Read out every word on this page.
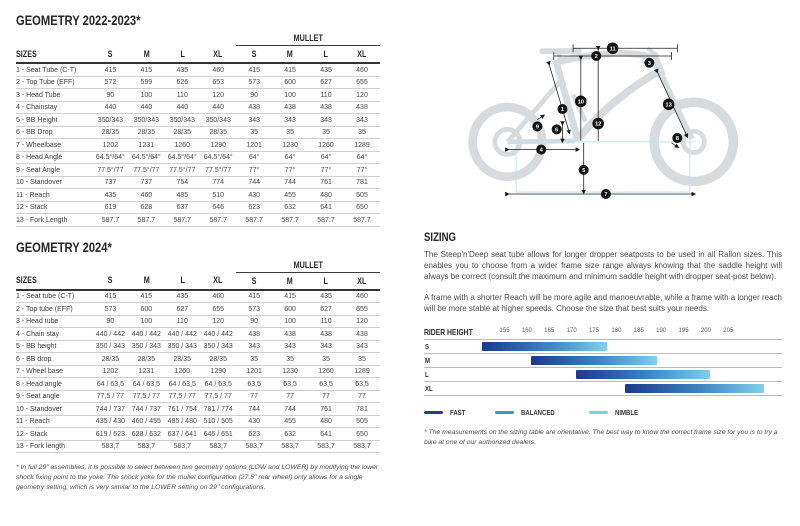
GEOMETRY 2022-2023*
					MULLET			
SIZES	S	M	L	XL	S	M	L	XL
1 - Seat Tube (C-T)	415	415	435	460	415	415	435	460
2 - Top Tube (EFF)	572	599	626	653	573	600	627	655
3 - Head Tube	90	100	110	120	90	100	110	120
4 - Chainstay	440	440	440	440	438	438	438	438
5 - BB Height	350/343	350/343	350/343	350/343	343	343	343	343
6 - BB Drop	28/35	28/35	28/35	28/35	35	35	35	35
7 - Wheelbase	1202	1231	1260	1290	1201	1230	1260	1289
8 - Head Angle	64.5°/64°	64.5°/64°	64.5°/64°	64.5°/64°	64°	64°	64°	64°
9 - Seat Angle	77.5°/77	77.5°/77	77.5°/77	77.5°/77	77°	77°	77°	77°
10 - Standover	737	737	754	774	744	744	761	781
11 - Reach	435	460	485	510	430	455	480	505
12 - Stack	619	628	637	646	623	632	641	650
13 - Fork Length	587.7	587.7	587.7	587.7	587.7	587.7	587.7	587.7
GEOMETRY 2024*
					MULLET			
SIZES	S	M	L	XL	S	M	L	XL
1 - Seat tube (C-T)	415	415	435	460	415	415	435	460
2 - Top tube (EFF)	573	600	627	655	573	600	627	655
3 - Head tube	90	100	110	120	90	100	110	120
4 - Chain stay	440 / 442	440 / 442	440 / 442	440 / 442	438	438	438	438
5 - BB height	350 / 343	350 / 343	350 / 343	350 / 343	343	343	343	343
6 - BB drop	28/35	28/35	28/35	28/35	35	35	35	35
7 - Wheel base	1202	1231	1260	1290	1201	1230	1260	1289
8 - Head angle	64 / 63,5	64 / 63,5	64 / 63,5	64 / 63,5	63,5	63,5	63,5	63,5
9 - Seat angle	77,5 / 77	77,5 / 77	77,5 / 77	77,5 / 77	77	77	77	77
10 - Standover	744 / 737	744 / 737	761 / 754	781 / 774	744	744	761	781
11 - Reach	435 / 430	460 / 455	485 / 480	510 / 505	430	455	480	505
12 - Stack	619 / 623	628 / 632	637 / 641	646 / 651	623	632	641	650
13 - Fork length	583,7	583,7	583,7	583,7	583,7	583,7	583,7	583,7
* In full 29" assemblies, it is possible to select between two geometry options (LOW and LOWER) by modifying the lower shock fixing point to the yoke. The shock yoke for the mullet configuration (27.5" rear wheel) only allows for a single geometry setting, which is very similar to the LOWER setting on 29" configurations.
1
2
3
4
5
6
7
8
9
10
11
12
13
SIZING

The Steep'n'Deep seat tube allows for longer dropper seatposts to be used in all Rallon sizes. This enables you to choose from a wider frame size range always knowing that the saddle height will always be correct (consult the maximum and minimum saddle height with dropper seat-post below).

A frame with a shorter Reach will be more agile and manoeuvrable, while a frame with a longer reach will be more stable at higher speeds. Choose the size that best suits your needs.

RIDER HEIGHT	155 160 165 170 175 180 185 190 195 200 205
S
M
L
XL
FAST	BALANCED	NIMBLE
* The measurements on the sizing table are orientative. The best way to know the correct frame size for you is to try a bike at one of our authorized dealers.
